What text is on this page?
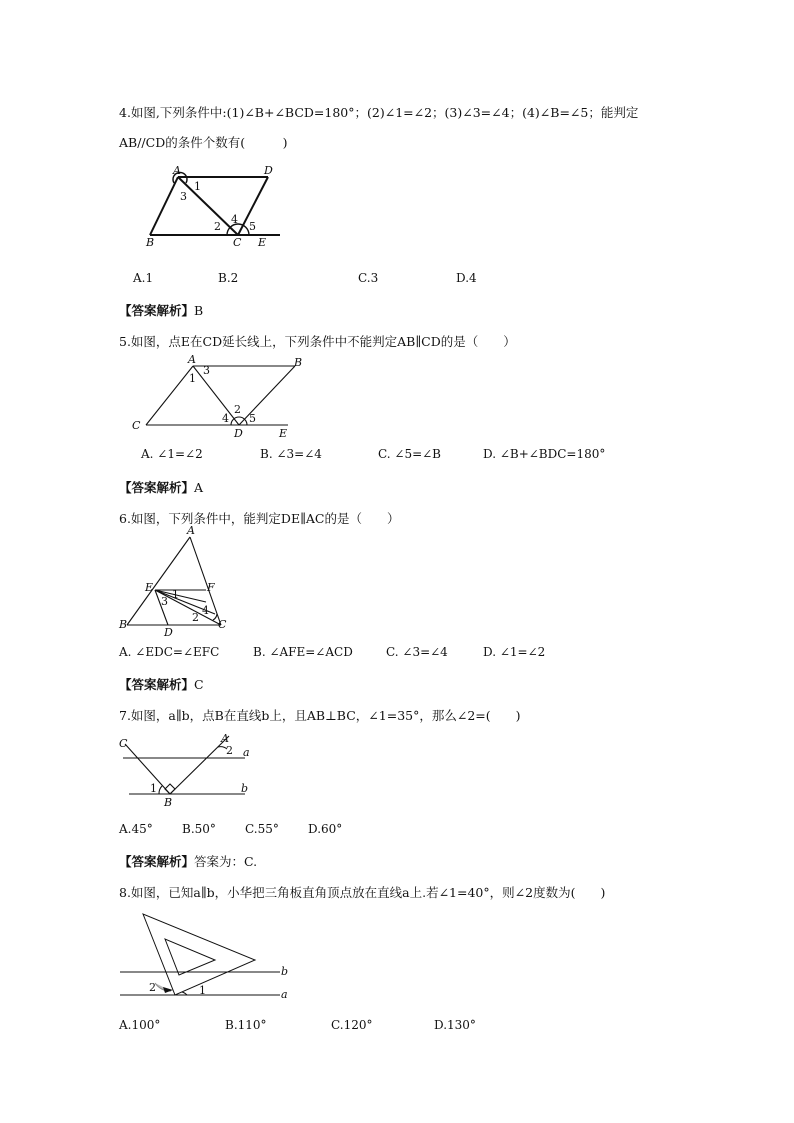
4.如图,下列条件中:(1)∠B+∠BCD=180°；(2)∠1=∠2；(3)∠3=∠4；(4)∠B=∠5；能判定
AB//CD的条件个数有(　　　)
A	D
B	C E
1
3
2
4
5
A.1	B.2	C.3	D.4
【答案解析】B
5.如图，点E在CD延长线上，下列条件中不能判定AB∥CD的是（　　）
A	B
C
D	E
1
3
2
4 5
A. ∠1=∠2	B. ∠3=∠4	C. ∠5=∠B	D. ∠B+∠BDC=180°
【答案解析】A
6.如图，下列条件中，能判定DE∥AC的是（　　）
A
E	F
B
D
C
1
3
2
4
A. ∠EDC=∠EFC	B. ∠AFE=∠ACD	C. ∠3=∠4	D. ∠1=∠2
【答案解析】C
7.如图，a∥b，点B在直线b上，且AB⊥BC，∠1=35°，那么∠2=(　　)
C	A
a
b
B
1
2
A.45° B.50° C.55° D.60°
【答案解析】答案为：C.
8.如图，已知a∥b，小华把三角板直角顶点放在直线a上.若∠1=40°，则∠2度数为(　　)
b
a
1
2
A.100°	B.110°	C.120°	D.130°
